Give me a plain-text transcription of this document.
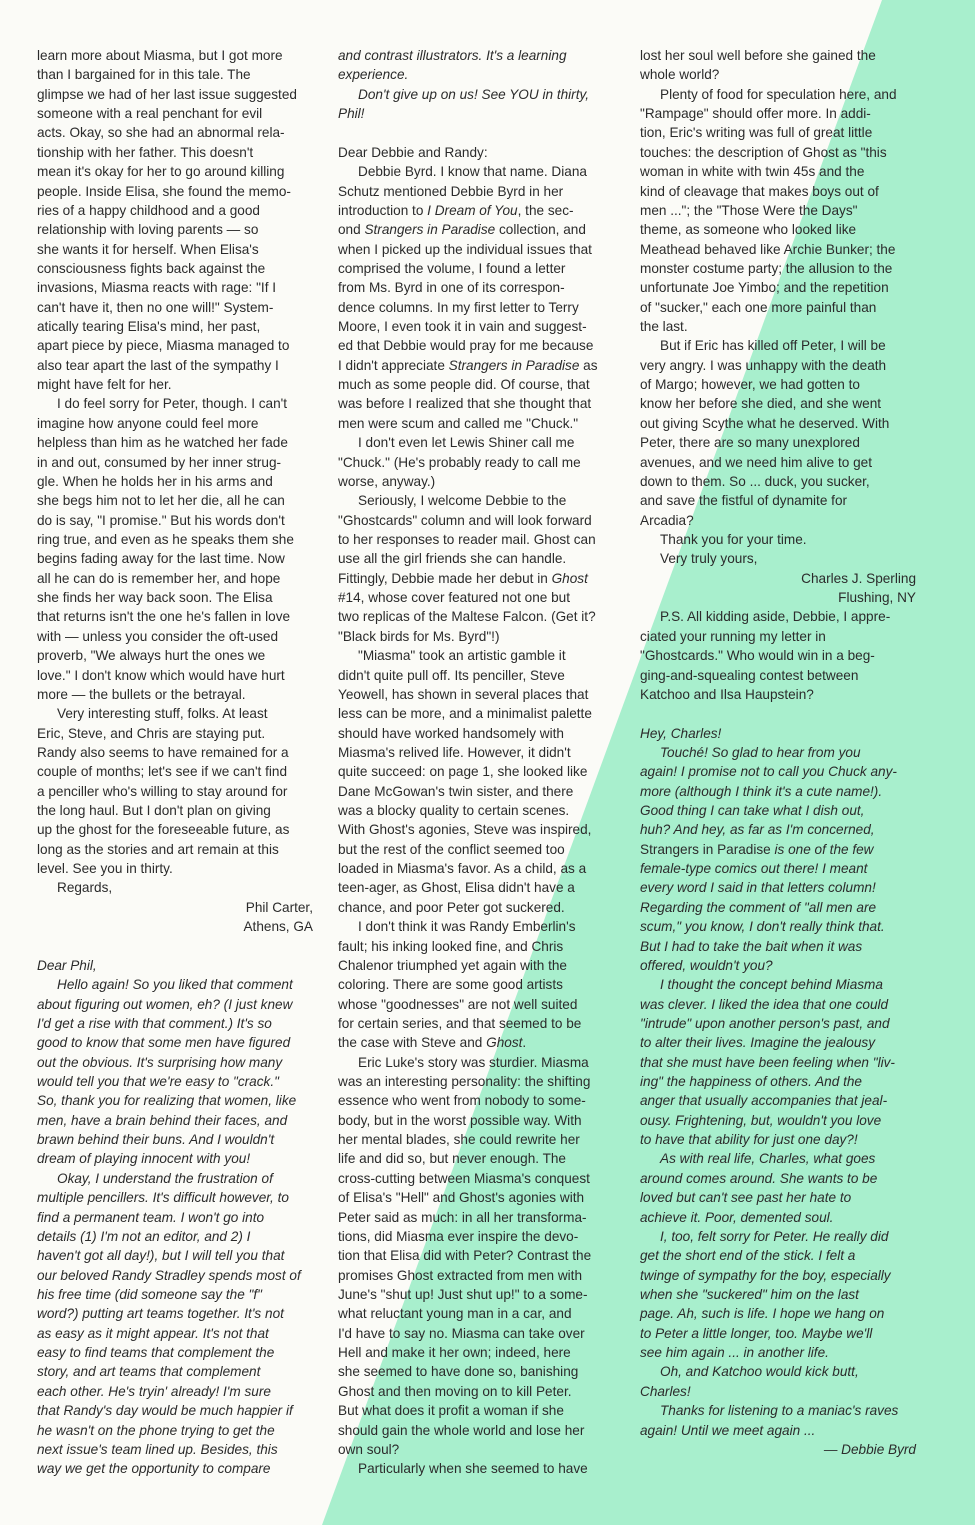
learn more about Miasma, but I got more
than I bargained for in this tale. The
glimpse we had of her last issue suggested
someone with a real penchant for evil
acts. Okay, so she had an abnormal rela-
tionship with her father. This doesn't
mean it's okay for her to go around killing
people. Inside Elisa, she found the memo-
ries of a happy childhood and a good
relationship with loving parents — so
she wants it for herself. When Elisa's
consciousness fights back against the
invasions, Miasma reacts with rage: "If I
can't have it, then no one will!" System-
atically tearing Elisa's mind, her past,
apart piece by piece, Miasma managed to
also tear apart the last of the sympathy I
might have felt for her.
I do feel sorry for Peter, though. I can't
imagine how anyone could feel more
helpless than him as he watched her fade
in and out, consumed by her inner strug-
gle. When he holds her in his arms and
she begs him not to let her die, all he can
do is say, "I promise." But his words don't
ring true, and even as he speaks them she
begins fading away for the last time. Now
all he can do is remember her, and hope
she finds her way back soon. The Elisa
that returns isn't the one he's fallen in love
with — unless you consider the oft-used
proverb, "We always hurt the ones we
love." I don't know which would have hurt
more — the bullets or the betrayal.
Very interesting stuff, folks. At least
Eric, Steve, and Chris are staying put.
Randy also seems to have remained for a
couple of months; let's see if we can't find
a penciller who's willing to stay around for
the long haul. But I don't plan on giving
up the ghost for the foreseeable future, as
long as the stories and art remain at this
level. See you in thirty.
Regards,
Phil Carter,
Athens, GA
Dear Phil,
Hello again! So you liked that comment
about figuring out women, eh? (I just knew
I'd get a rise with that comment.) It's so
good to know that some men have figured
out the obvious. It's surprising how many
would tell you that we're easy to "crack."
So, thank you for realizing that women, like
men, have a brain behind their faces, and
brawn behind their buns. And I wouldn't
dream of playing innocent with you!
Okay, I understand the frustration of
multiple pencillers. It's difficult however, to
find a permanent team. I won't go into
details (1) I'm not an editor, and 2) I
haven't got all day!), but I will tell you that
our beloved Randy Stradley spends most of
his free time (did someone say the "f"
word?) putting art teams together. It's not
as easy as it might appear. It's not that
easy to find teams that complement the
story, and art teams that complement
each other. He's tryin' already! I'm sure
that Randy's day would be much happier if
he wasn't on the phone trying to get the
next issue's team lined up. Besides, this
way we get the opportunity to compare
and contrast illustrators. It's a learning
experience.
Don't give up on us! See YOU in thirty,
Phil!
Dear Debbie and Randy:
Debbie Byrd. I know that name. Diana
Schutz mentioned Debbie Byrd in her
introduction to I Dream of You, the sec-
ond Strangers in Paradise collection, and
when I picked up the individual issues that
comprised the volume, I found a letter
from Ms. Byrd in one of its correspon-
dence columns. In my first letter to Terry
Moore, I even took it in vain and suggest-
ed that Debbie would pray for me because
I didn't appreciate Strangers in Paradise as
much as some people did. Of course, that
was before I realized that she thought that
men were scum and called me "Chuck."
I don't even let Lewis Shiner call me
"Chuck." (He's probably ready to call me
worse, anyway.)
Seriously, I welcome Debbie to the
"Ghostcards" column and will look forward
to her responses to reader mail. Ghost can
use all the girl friends she can handle.
Fittingly, Debbie made her debut in Ghost
#14, whose cover featured not one but
two replicas of the Maltese Falcon. (Get it?
"Black birds for Ms. Byrd"!)
"Miasma" took an artistic gamble it
didn't quite pull off. Its penciller, Steve
Yeowell, has shown in several places that
less can be more, and a minimalist palette
should have worked handsomely with
Miasma's relived life. However, it didn't
quite succeed: on page 1, she looked like
Dane McGowan's twin sister, and there
was a blocky quality to certain scenes.
With Ghost's agonies, Steve was inspired,
but the rest of the conflict seemed too
loaded in Miasma's favor. As a child, as a
teen-ager, as Ghost, Elisa didn't have a
chance, and poor Peter got suckered.
I don't think it was Randy Emberlin's
fault; his inking looked fine, and Chris
Chalenor triumphed yet again with the
coloring. There are some good artists
whose "goodnesses" are not well suited
for certain series, and that seemed to be
the case with Steve and Ghost.
Eric Luke's story was sturdier. Miasma
was an interesting personality: the shifting
essence who went from nobody to some-
body, but in the worst possible way. With
her mental blades, she could rewrite her
life and did so, but never enough. The
cross-cutting between Miasma's conquest
of Elisa's "Hell" and Ghost's agonies with
Peter said as much: in all her transforma-
tions, did Miasma ever inspire the devo-
tion that Elisa did with Peter? Contrast the
promises Ghost extracted from men with
June's "shut up! Just shut up!" to a some-
what reluctant young man in a car, and
I'd have to say no. Miasma can take over
Hell and make it her own; indeed, here
she seemed to have done so, banishing
Ghost and then moving on to kill Peter.
But what does it profit a woman if she
should gain the whole world and lose her
own soul?
Particularly when she seemed to have
lost her soul well before she gained the
whole world?
Plenty of food for speculation here, and
"Rampage" should offer more. In addi-
tion, Eric's writing was full of great little
touches: the description of Ghost as "this
woman in white with twin 45s and the
kind of cleavage that makes boys out of
men ..."; the "Those Were the Days"
theme, as someone who looked like
Meathead behaved like Archie Bunker; the
monster costume party; the allusion to the
unfortunate Joe Yimbo; and the repetition
of "sucker," each one more painful than
the last.
But if Eric has killed off Peter, I will be
very angry. I was unhappy with the death
of Margo; however, we had gotten to
know her before she died, and she went
out giving Scythe what he deserved. With
Peter, there are so many unexplored
avenues, and we need him alive to get
down to them. So ... duck, you sucker,
and save the fistful of dynamite for
Arcadia?
Thank you for your time.
Very truly yours,
Charles J. Sperling
Flushing, NY
P.S. All kidding aside, Debbie, I appre-
ciated your running my letter in
"Ghostcards." Who would win in a beg-
ging-and-squealing contest between
Katchoo and Ilsa Haupstein?
Hey, Charles!
Touché! So glad to hear from you
again! I promise not to call you Chuck any-
more (although I think it's a cute name!).
Good thing I can take what I dish out,
huh? And hey, as far as I'm concerned,
Strangers in Paradise is one of the few
female-type comics out there! I meant
every word I said in that letters column!
Regarding the comment of "all men are
scum," you know, I don't really think that.
But I had to take the bait when it was
offered, wouldn't you?
I thought the concept behind Miasma
was clever. I liked the idea that one could
"intrude" upon another person's past, and
to alter their lives. Imagine the jealousy
that she must have been feeling when "liv-
ing" the happiness of others. And the
anger that usually accompanies that jeal-
ousy. Frightening, but, wouldn't you love
to have that ability for just one day?!
As with real life, Charles, what goes
around comes around. She wants to be
loved but can't see past her hate to
achieve it. Poor, demented soul.
I, too, felt sorry for Peter. He really did
get the short end of the stick. I felt a
twinge of sympathy for the boy, especially
when she "suckered" him on the last
page. Ah, such is life. I hope we hang on
to Peter a little longer, too. Maybe we'll
see him again ... in another life.
Oh, and Katchoo would kick butt,
Charles!
Thanks for listening to a maniac's raves
again! Until we meet again ...
— Debbie Byrd
